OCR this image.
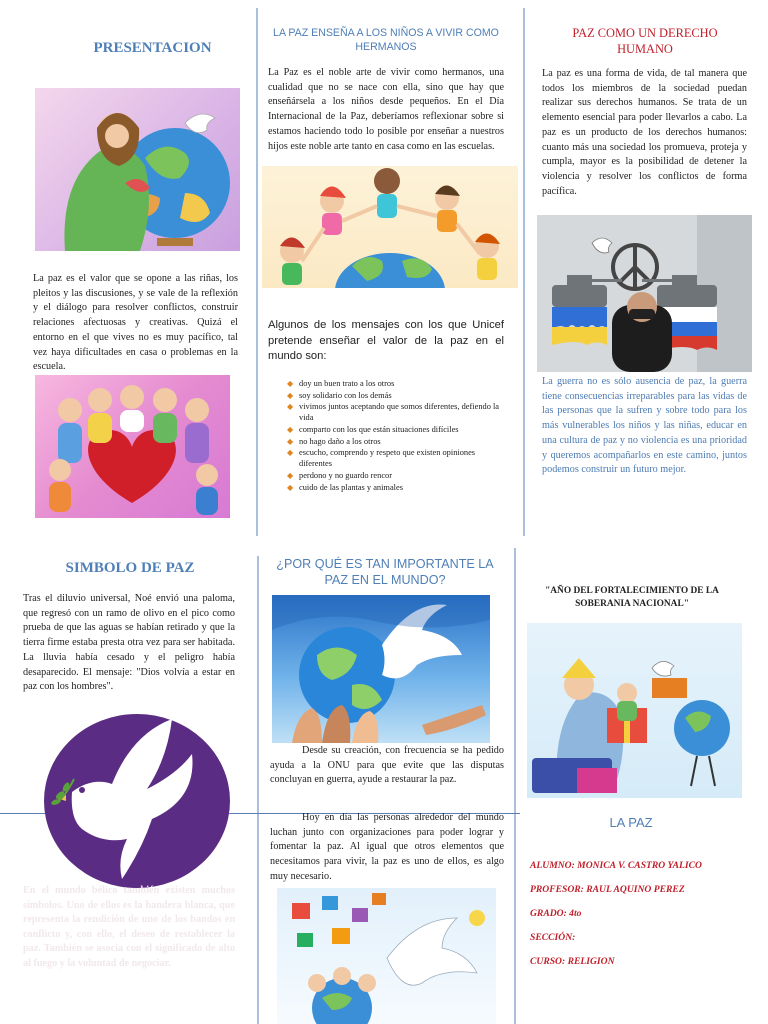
PRESENTACION
La paz es el valor que se opone a las riñas, los pleitos y las discusiones, y se vale de la reflexión y el diálogo para resolver conflictos, construir relaciones afectuosas y creativas. Quizá el entorno en el que vives no es muy pacífico, tal vez haya dificultades en casa o problemas en la escuela.
LA PAZ ENSEÑA A LOS NIÑOS A VIVIR COMO HERMANOS
La Paz es el noble arte de vivir como hermanos, una cualidad que no se nace con ella, sino que hay que enseñársela a los niños desde pequeños. En el Día Internacional de la Paz, deberíamos reflexionar sobre si estamos haciendo todo lo posible por enseñar a nuestros hijos este noble arte tanto en casa como en las escuelas.
Algunos de los mensajes con los que Unicef pretende enseñar el valor de la paz en el mundo son:
◆ doy un buen trato a los otros
◆ soy solidario con los demás
◆ vivimos juntos aceptando que somos diferentes, defiendo la vida
◆ comparto con los que están situaciones difíciles
◆ no hago daño a los otros
◆ escucho, comprendo y respeto que existen opiniones diferentes
◆ perdono y no guardo rencor
◆ cuido de las plantas y animales
PAZ COMO UN DERECHO HUMANO
La paz es una forma de vida, de tal manera que todos los miembros de la sociedad puedan realizar sus derechos humanos. Se trata de un elemento esencial para poder llevarlos a cabo. La paz es un producto de los derechos humanos: cuanto más una sociedad los promueva, proteja y cumpla, mayor es la posibilidad de detener la violencia y resolver los conflictos de forma pacífica.
La guerra no es sólo ausencia de paz, la guerra tiene consecuencias irreparables para las vidas de las personas que la sufren y sobre todo para los más vulnerables los niños y las niñas, educar en una cultura de paz y no violencia es una prioridad y queremos acompañarlos en este camino, juntos podemos construir un futuro mejor.
SIMBOLO DE PAZ
Tras el diluvio universal, Noé envió una paloma, que regresó con un ramo de olivo en el pico como prueba de que las aguas se habían retirado y que la tierra firme estaba presta otra vez para ser habitada. La lluvia había cesado y el peligro había desaparecido. El mensaje: "Dios volvía a estar en paz con los hombres".
En el mundo bélico también existen muchos símbolos. Uno de ellos es la bandera blanca, que representa la rendición de uno de los bandos en conflicto y, con ello, el deseo de restablecer la paz. También se asocia con el significado de alto al fuego y la voluntad de negociar.
¿POR QUÉ ES TAN IMPORTANTE LA PAZ EN EL MUNDO?
Desde su creación, con frecuencia se ha pedido ayuda a la ONU para que evite que las disputas concluyan en guerra, ayude a restaurar la paz.
Hoy en día las personas alrededor del mundo luchan junto con organizaciones para poder lograr y fomentar la paz. Al igual que otros elementos que necesitamos para vivir, la paz es uno de ellos, es algo muy necesario.
"AÑO DEL FORTALECIMIENTO DE LA SOBERANIA NACIONAL"
LA PAZ
ALUMNO: MONICA V. CASTRO YALICO
PROFESOR: RAUL AQUINO PEREZ
GRADO: 4to
SECCIÓN:
CURSO: RELIGION
